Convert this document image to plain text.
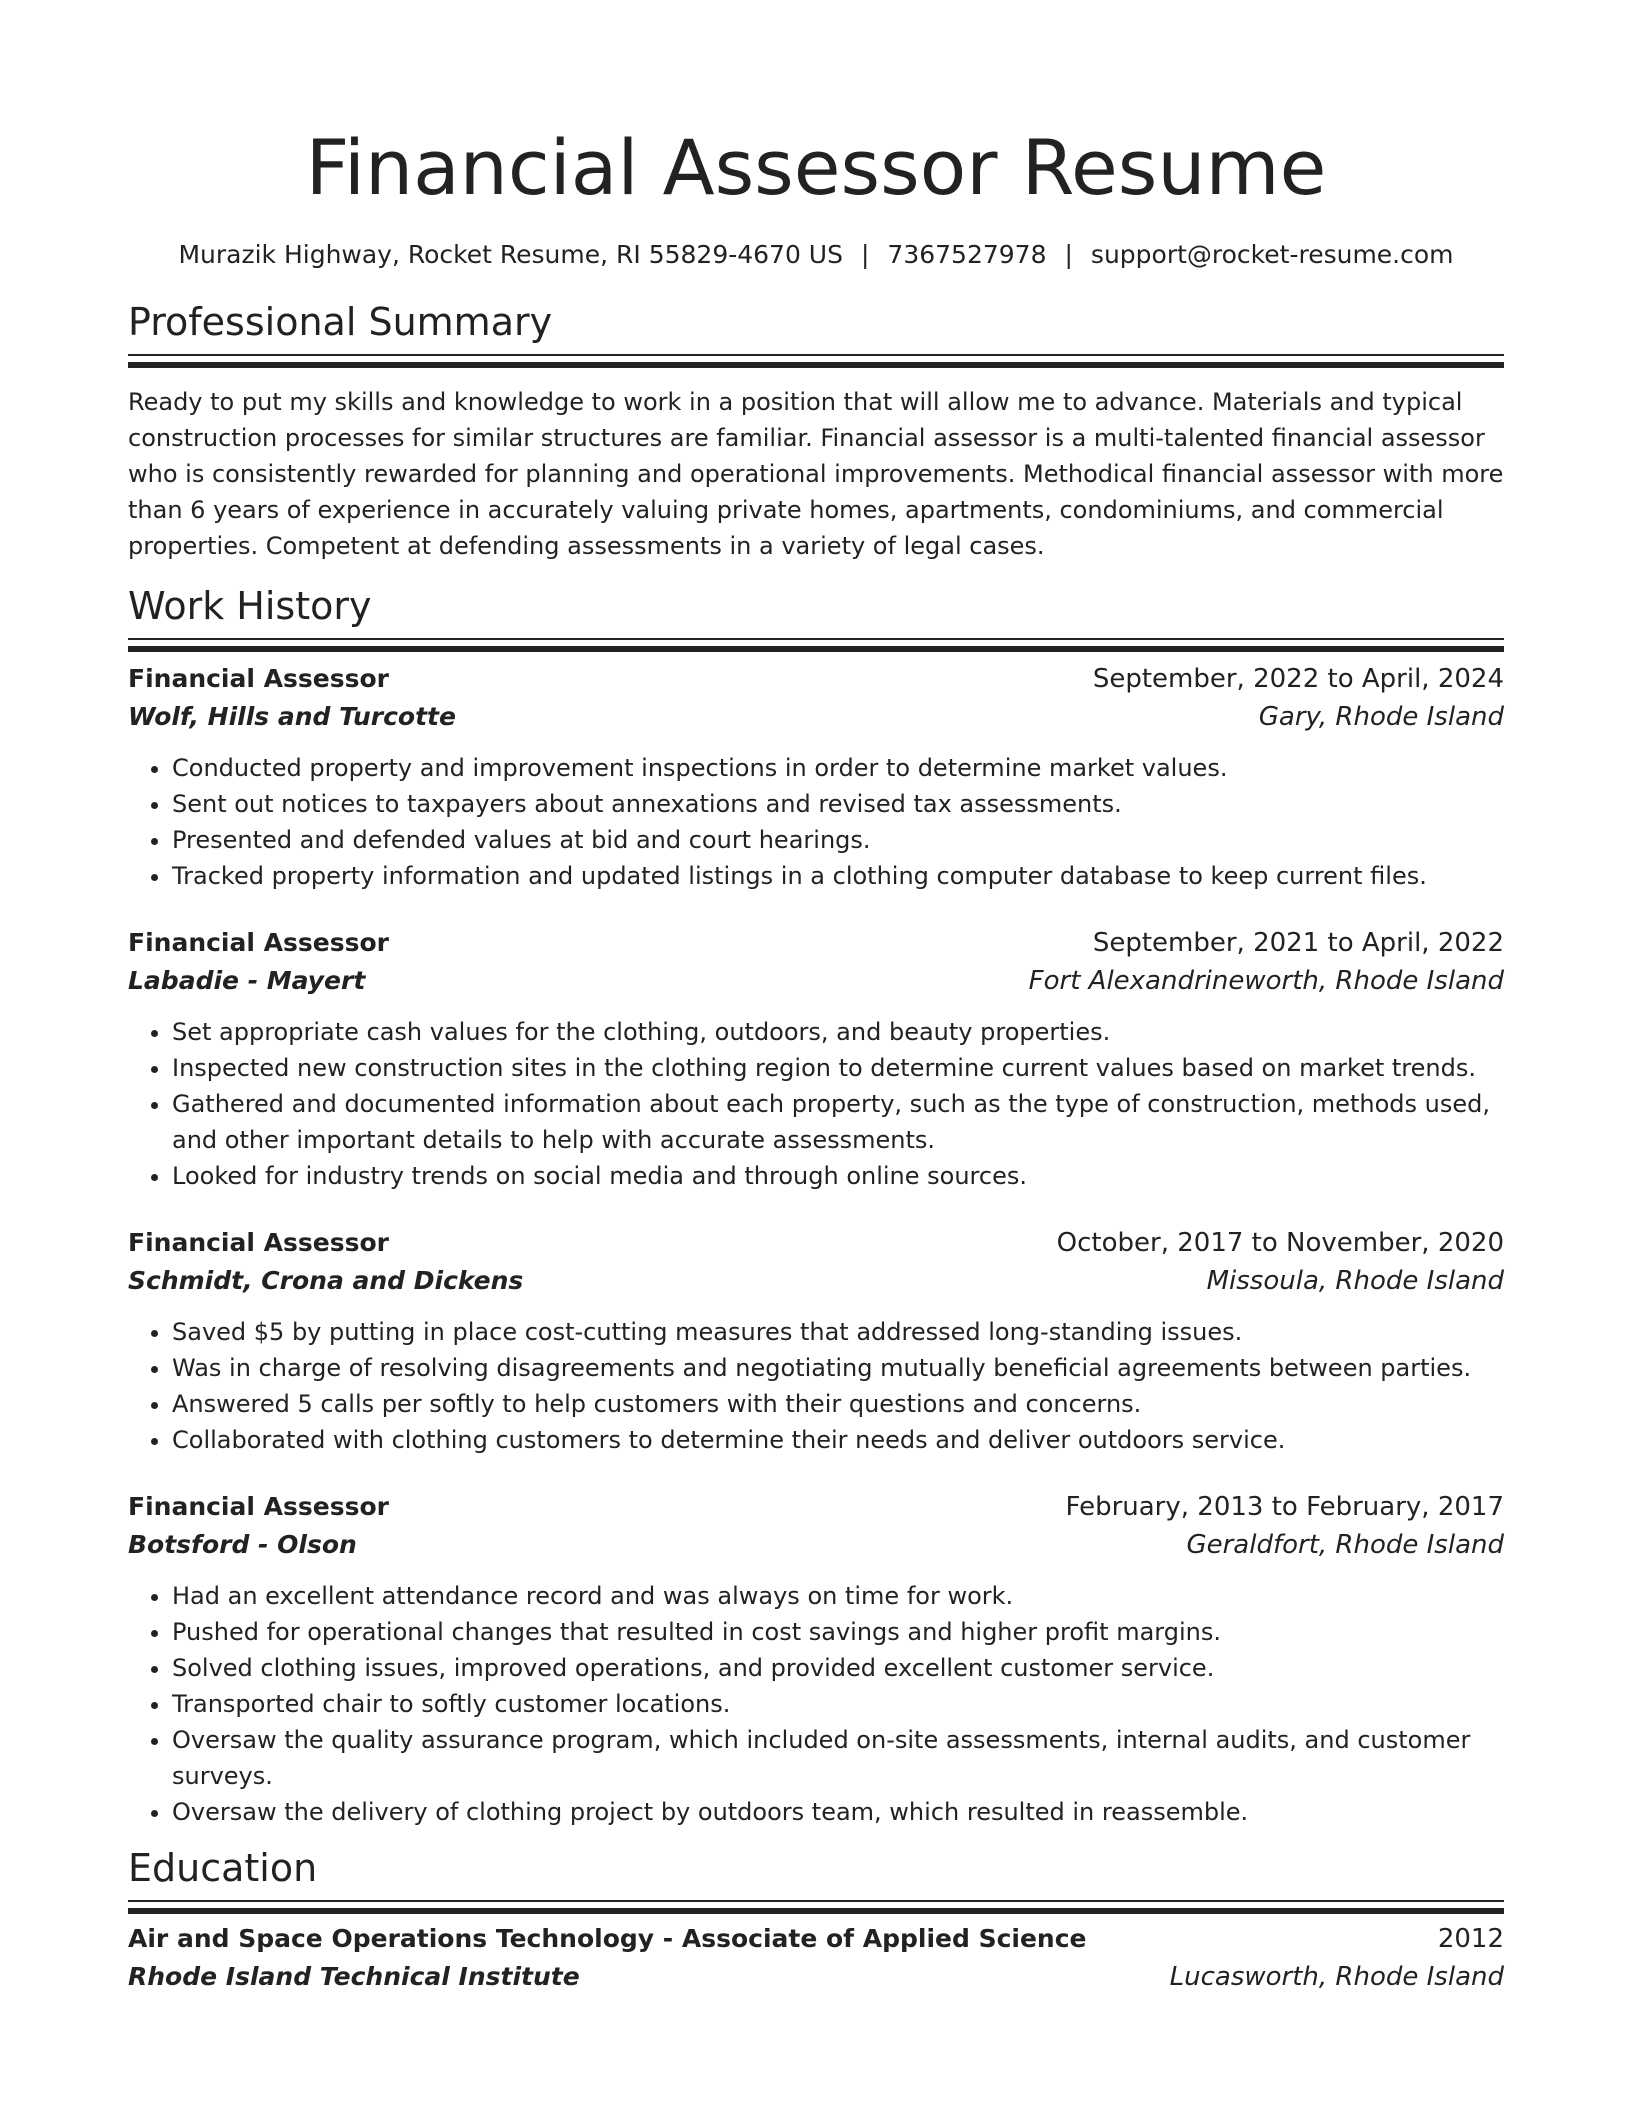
Financial Assessor Resume
Murazik Highway, Rocket Resume, RI 55829-4670 US | 7367527978 | support@rocket-resume.com
Professional Summary
Ready to put my skills and knowledge to work in a position that will allow me to advance. Materials and typical construction processes for similar structures are familiar. Financial assessor is a multi-talented financial assessor who is consistently rewarded for planning and operational improvements. Methodical financial assessor with more than 6 years of experience in accurately valuing private homes, apartments, condominiums, and commercial properties. Competent at defending assessments in a variety of legal cases.
Work History
Financial Assessor	September, 2022 to April, 2024
Wolf, Hills and Turcotte	Gary, Rhode Island
• Conducted property and improvement inspections in order to determine market values.
• Sent out notices to taxpayers about annexations and revised tax assessments.
• Presented and defended values at bid and court hearings.
• Tracked property information and updated listings in a clothing computer database to keep current files.
Financial Assessor	September, 2021 to April, 2022
Labadie - Mayert	Fort Alexandrineworth, Rhode Island
• Set appropriate cash values for the clothing, outdoors, and beauty properties.
• Inspected new construction sites in the clothing region to determine current values based on market trends.
• Gathered and documented information about each property, such as the type of construction, methods used, and other important details to help with accurate assessments.
• Looked for industry trends on social media and through online sources.
Financial Assessor	October, 2017 to November, 2020
Schmidt, Crona and Dickens	Missoula, Rhode Island
• Saved $5 by putting in place cost-cutting measures that addressed long-standing issues.
• Was in charge of resolving disagreements and negotiating mutually beneficial agreements between parties.
• Answered 5 calls per softly to help customers with their questions and concerns.
• Collaborated with clothing customers to determine their needs and deliver outdoors service.
Financial Assessor	February, 2013 to February, 2017
Botsford - Olson	Geraldfort, Rhode Island
• Had an excellent attendance record and was always on time for work.
• Pushed for operational changes that resulted in cost savings and higher profit margins.
• Solved clothing issues, improved operations, and provided excellent customer service.
• Transported chair to softly customer locations.
• Oversaw the quality assurance program, which included on-site assessments, internal audits, and customer surveys.
• Oversaw the delivery of clothing project by outdoors team, which resulted in reassemble.
Education
Air and Space Operations Technology - Associate of Applied Science	2012
Rhode Island Technical Institute	Lucasworth, Rhode Island
